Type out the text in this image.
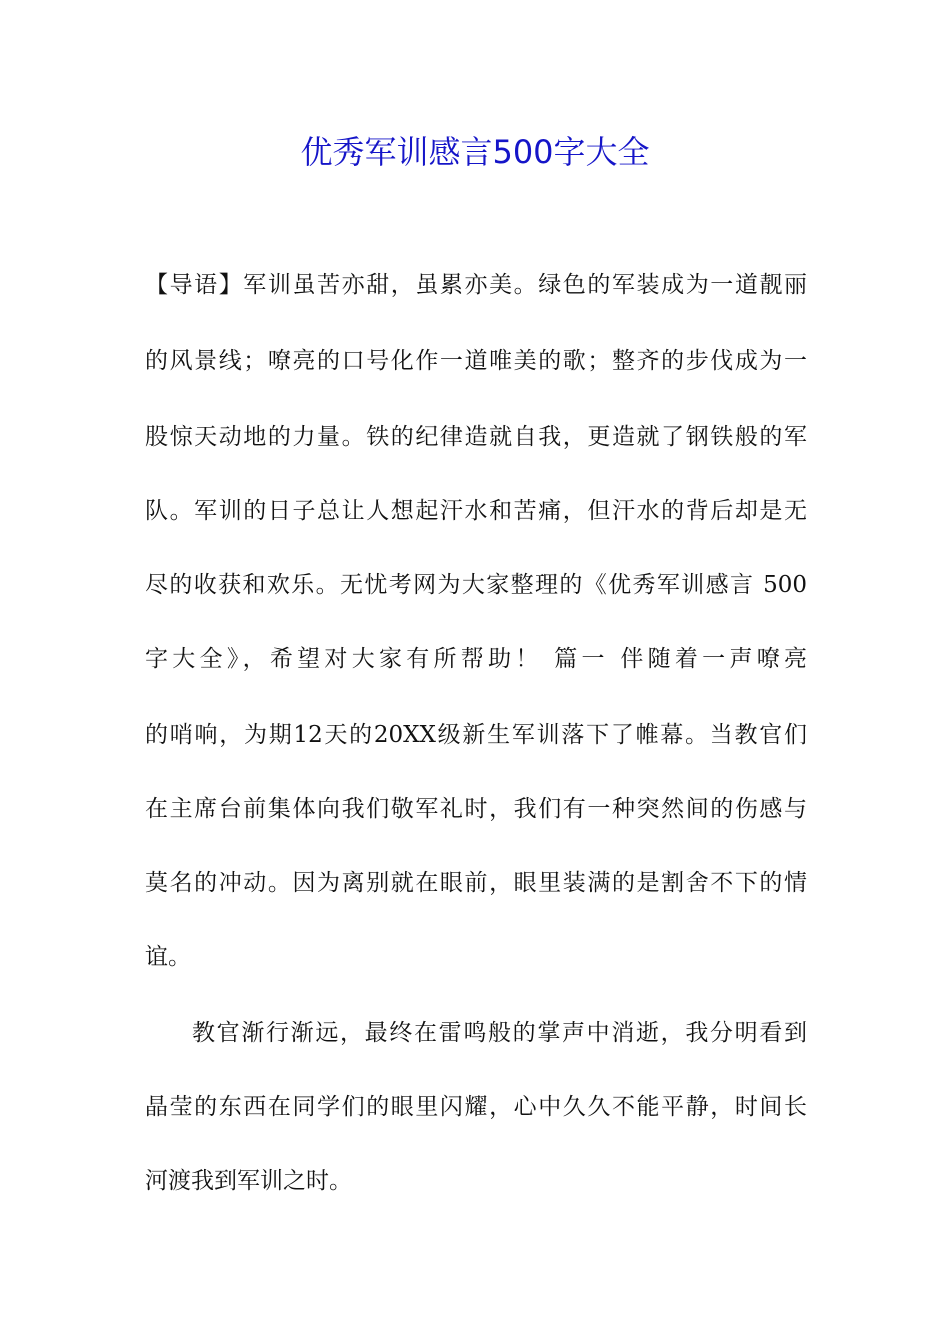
优秀军训感言500字大全

【导语】军训虽苦亦甜，虽累亦美。绿色的军装成为一道靓丽

的风景线；嘹亮的口号化作一道唯美的歌；整齐的步伐成为一

股惊天动地的力量。铁的纪律造就自我，更造就了钢铁般的军

队。军训的日子总让人想起汗水和苦痛，但汗水的背后却是无

尽的收获和欢乐。无忧考网为大家整理的《优秀军训感言 500

字大全》，希望对大家有所帮助！ 篇一 伴随着一声嘹亮

的哨响，为期12天的20XX级新生军训落下了帷幕。当教官们

在主席台前集体向我们敬军礼时，我们有一种突然间的伤感与

莫名的冲动。因为离别就在眼前，眼里装满的是割舍不下的情

谊。

教官渐行渐远，最终在雷鸣般的掌声中消逝，我分明看到

晶莹的东西在同学们的眼里闪耀，心中久久不能平静，时间长

河渡我到军训之时。
